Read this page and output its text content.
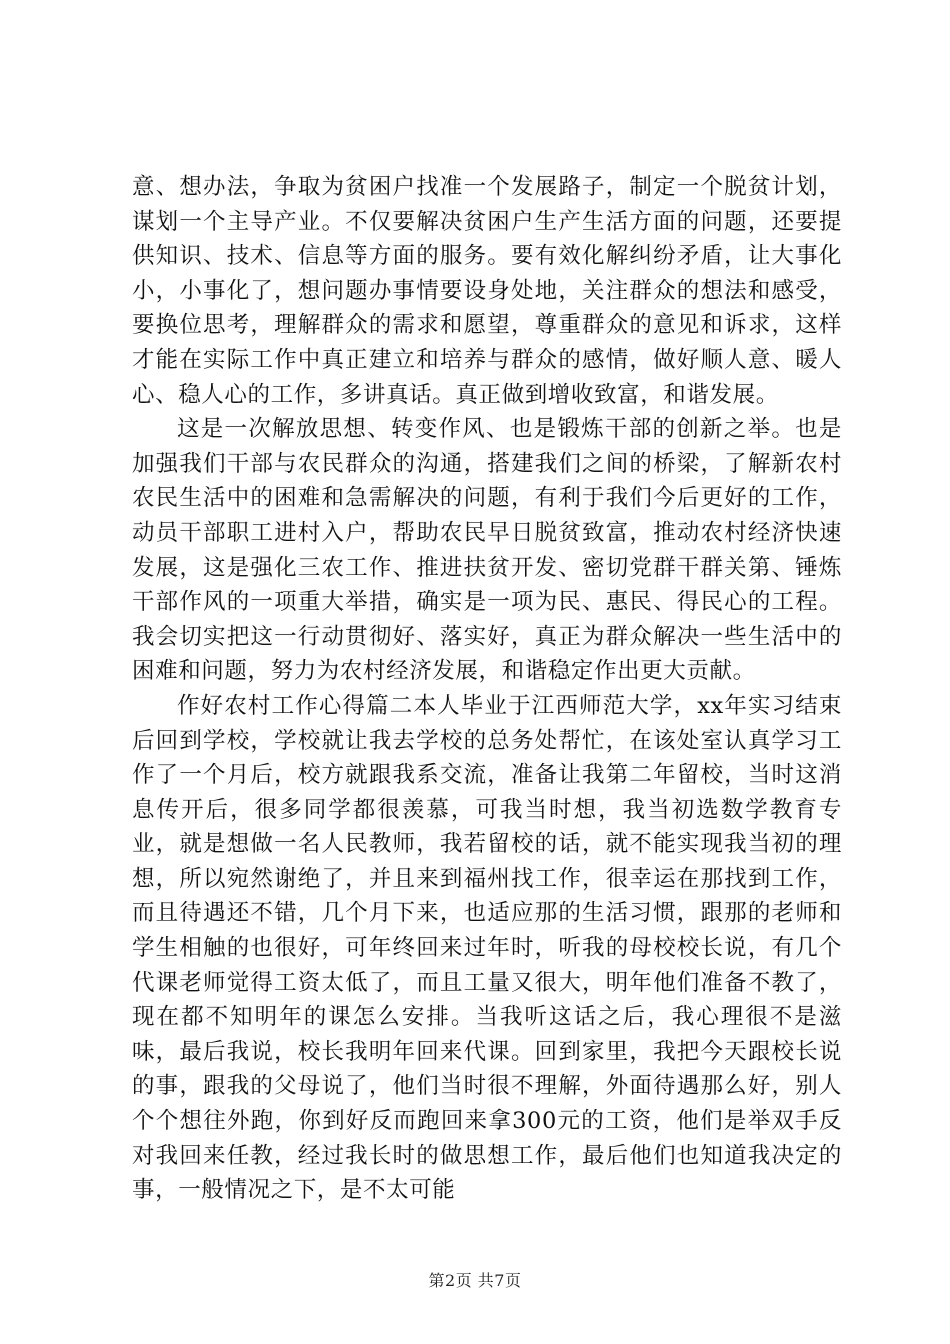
意、想办法，争取为贫困户找准一个发展路子，制定一个脱贫计划，谋划一个主导产业。不仅要解决贫困户生产生活方面的问题，还要提供知识、技术、信息等方面的服务。要有效化解纠纷矛盾，让大事化小，小事化了，想问题办事情要设身处地，关注群众的想法和感受，要换位思考，理解群众的需求和愿望，尊重群众的意见和诉求，这样才能在实际工作中真正建立和培养与群众的感情，做好顺人意、暖人心、稳人心的工作，多讲真话。真正做到增收致富，和谐发展。

这是一次解放思想、转变作风、也是锻炼干部的创新之举。也是加强我们干部与农民群众的沟通，搭建我们之间的桥梁，了解新农村农民生活中的困难和急需解决的问题，有利于我们今后更好的工作，动员干部职工进村入户，帮助农民早日脱贫致富，推动农村经济快速发展，这是强化三农工作、推进扶贫开发、密切党群干群关第、锤炼干部作风的一项重大举措，确实是一项为民、惠民、得民心的工程。我会切实把这一行动贯彻好、落实好，真正为群众解决一些生活中的困难和问题，努力为农村经济发展，和谐稳定作出更大贡献。

作好农村工作心得篇二本人毕业于江西师范大学，xx年实习结束后回到学校，学校就让我去学校的总务处帮忙，在该处室认真学习工作了一个月后，校方就跟我系交流，准备让我第二年留校，当时这消息传开后，很多同学都很羡慕，可我当时想，我当初选数学教育专业，就是想做一名人民教师，我若留校的话，就不能实现我当初的理想，所以宛然谢绝了，并且来到福州找工作，很幸运在那找到工作，而且待遇还不错，几个月下来，也适应那的生活习惯，跟那的老师和学生相触的也很好，可年终回来过年时，听我的母校校长说，有几个代课老师觉得工资太低了，而且工量又很大，明年他们准备不教了，现在都不知明年的课怎么安排。当我听这话之后，我心理很不是滋味，最后我说，校长我明年回来代课。回到家里，我把今天跟校长说的事，跟我的父母说了，他们当时很不理解，外面待遇那么好，别人个个想往外跑，你到好反而跑回来拿300元的工资，他们是举双手反对我回来任教，经过我长时的做思想工作，最后他们也知道我决定的事，一般情况之下，是不太可能

第2页 共7页
